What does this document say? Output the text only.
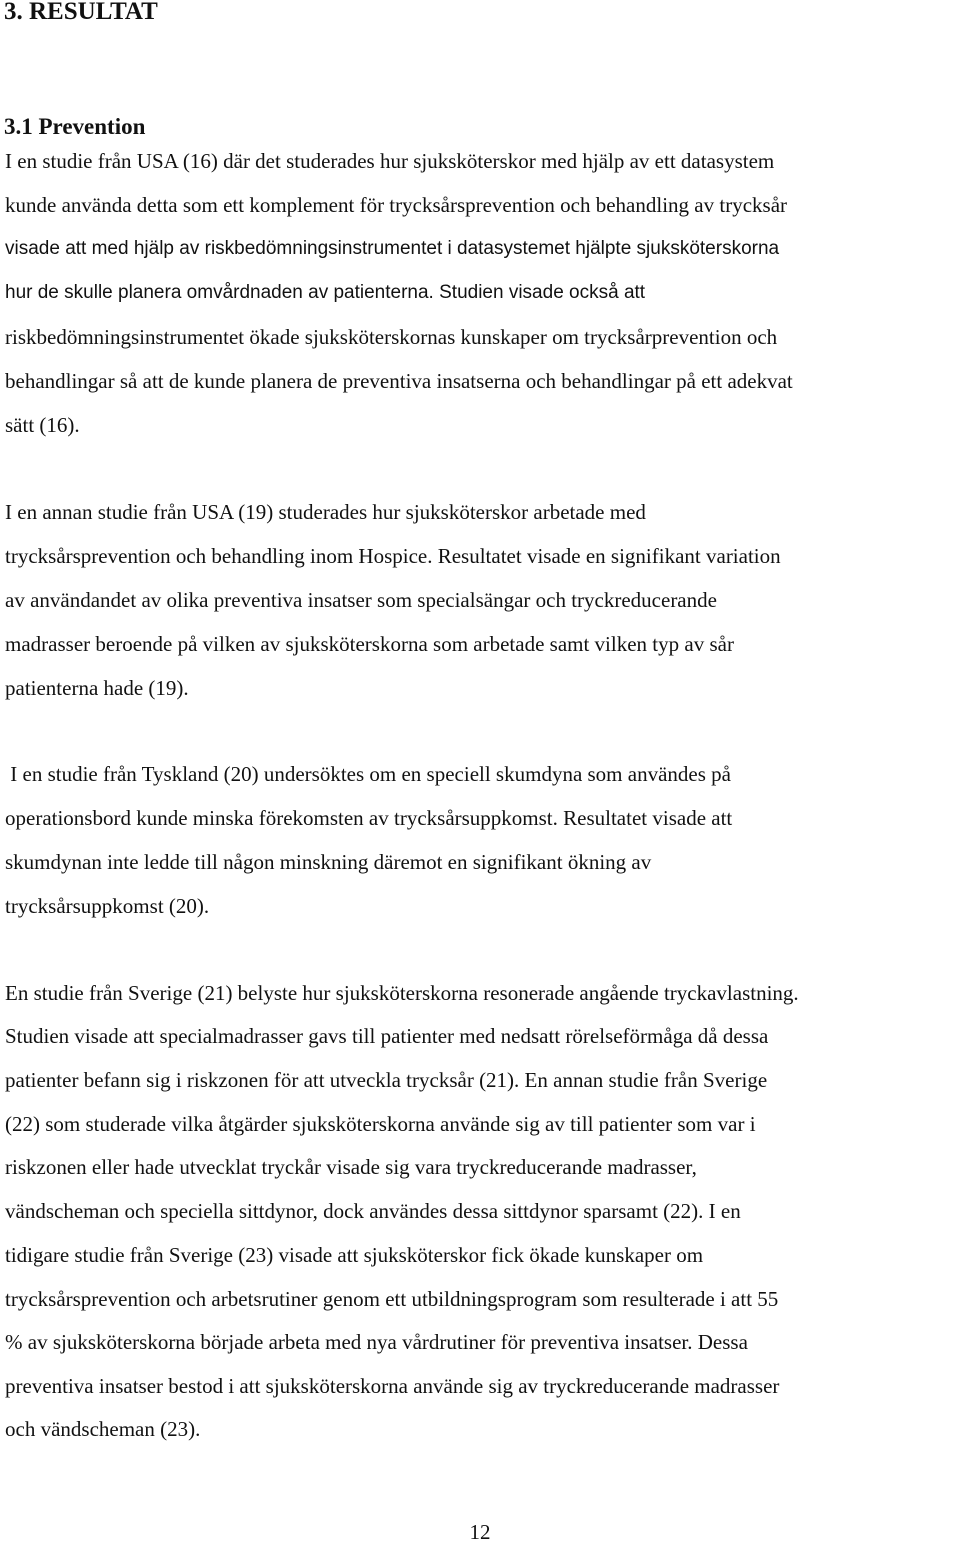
3. RESULTAT
3.1 Prevention

I en studie från USA (16) där det studerades hur sjuksköterskor med hjälp av ett datasystem

kunde använda detta som ett komplement för trycksårsprevention och behandling av trycksår

visade att med hjälp av riskbedömningsinstrumentet i datasystemet hjälpte sjuksköterskorna

hur de skulle planera omvårdnaden av patienterna. Studien visade också att

riskbedömningsinstrumentet ökade sjuksköterskornas kunskaper om trycksårprevention och

behandlingar så att de kunde planera de preventiva insatserna och behandlingar på ett adekvat

sätt (16).

I en annan studie från USA (19) studerades hur sjuksköterskor arbetade med

trycksårsprevention och behandling inom Hospice. Resultatet visade en signifikant variation

av användandet av olika preventiva insatser som specialsängar och tryckreducerande

madrasser beroende på vilken av sjuksköterskorna som arbetade samt vilken typ av sår

patienterna hade (19).

I en studie från Tyskland (20) undersöktes om en speciell skumdyna som användes på

operationsbord kunde minska förekomsten av trycksårsuppkomst. Resultatet visade att

skumdynan inte ledde till någon minskning däremot en signifikant ökning av

trycksårsuppkomst (20).

En studie från Sverige (21) belyste hur sjuksköterskorna resonerade angående tryckavlastning.

Studien visade att specialmadrasser gavs till patienter med nedsatt rörelseförmåga då dessa

patienter befann sig i riskzonen för att utveckla trycksår (21). En annan studie från Sverige

(22) som studerade vilka åtgärder sjuksköterskorna använde sig av till patienter som var i

riskzonen eller hade utvecklat tryckår visade sig vara tryckreducerande madrasser,

vändscheman och speciella sittdynor, dock användes dessa sittdynor sparsamt (22). I en

tidigare studie från Sverige (23) visade att sjuksköterskor fick ökade kunskaper om

trycksårsprevention och arbetsrutiner genom ett utbildningsprogram som resulterade i att 55

% av sjuksköterskorna började arbeta med nya vårdrutiner för preventiva insatser. Dessa

preventiva insatser bestod i att sjuksköterskorna använde sig av tryckreducerande madrasser

och vändscheman (23).

12
